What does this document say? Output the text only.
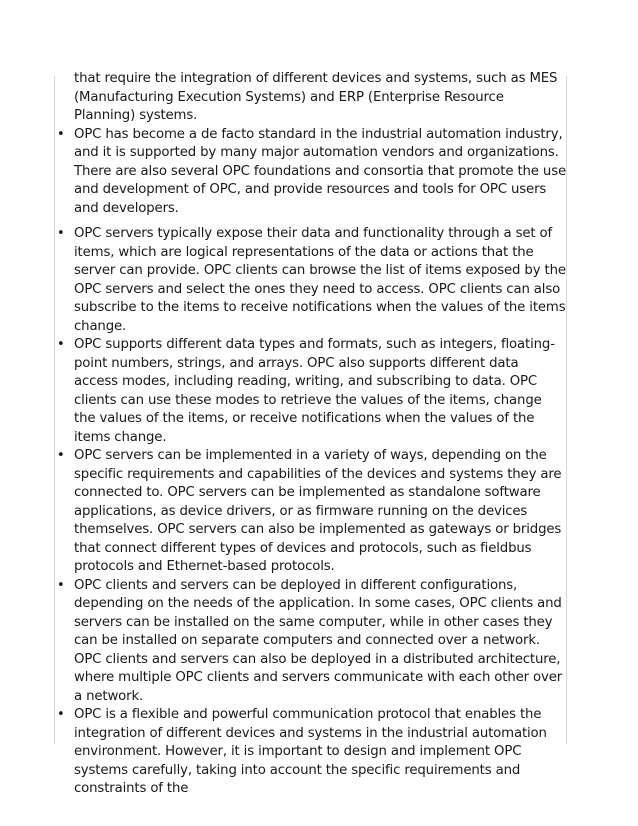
that require the integration of different devices and systems, such as MES (Manufacturing Execution Systems) and ERP (Enterprise Resource Planning) systems.

• OPC has become a de facto standard in the industrial automation industry, and it is supported by many major automation vendors and organizations. There are also several OPC foundations and consortia that promote the use and development of OPC, and provide resources and tools for OPC users and developers.
• OPC servers typically expose their data and functionality through a set of items, which are logical representations of the data or actions that the server can provide. OPC clients can browse the list of items exposed by the OPC servers and select the ones they need to access. OPC clients can also subscribe to the items to receive notifications when the values of the items change.
• OPC supports different data types and formats, such as integers, floating-point numbers, strings, and arrays. OPC also supports different data access modes, including reading, writing, and subscribing to data. OPC clients can use these modes to retrieve the values of the items, change the values of the items, or receive notifications when the values of the items change.
• OPC servers can be implemented in a variety of ways, depending on the specific requirements and capabilities of the devices and systems they are connected to. OPC servers can be implemented as standalone software applications, as device drivers, or as firmware running on the devices themselves. OPC servers can also be implemented as gateways or bridges that connect different types of devices and protocols, such as fieldbus protocols and Ethernet-based protocols.
• OPC clients and servers can be deployed in different configurations, depending on the needs of the application. In some cases, OPC clients and servers can be installed on the same computer, while in other cases they can be installed on separate computers and connected over a network. OPC clients and servers can also be deployed in a distributed architecture, where multiple OPC clients and servers communicate with each other over a network.
• OPC is a flexible and powerful communication protocol that enables the integration of different devices and systems in the industrial automation environment. However, it is important to design and implement OPC systems carefully, taking into account the specific requirements and constraints of the
